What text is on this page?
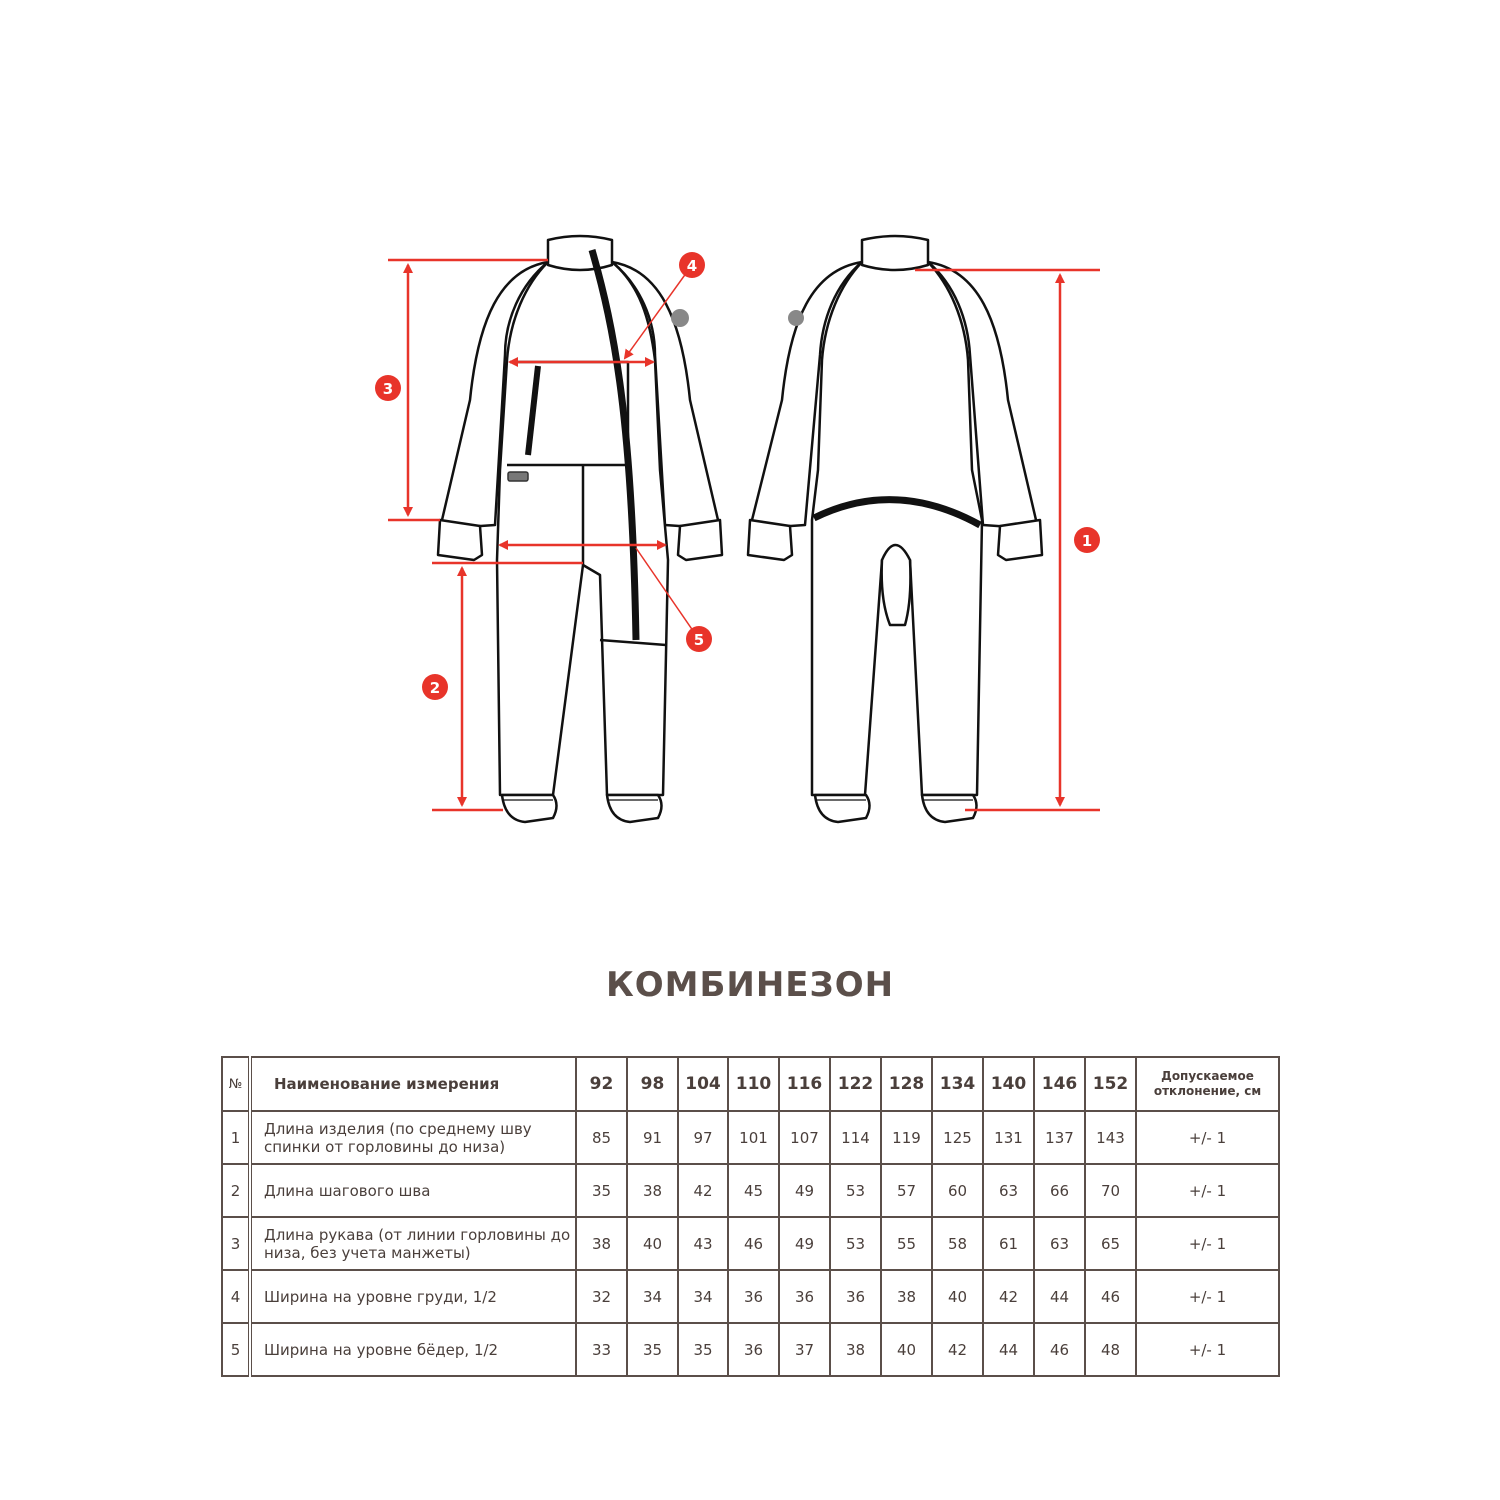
1
2
3
4
5
КОМБИНЕЗОН
№	Наименование измерения	92	98	104	110	116	122	128	134	140	146	152	Допускаемое
отклонение, см

1	Длина изделия (по среднему шву
спинки от горловины до низа)	85	91	97	101	107	114	119	125	131	137	143	+/- 1
2	Длина шагового шва	35	38	42	45	49	53	57	60	63	66	70	+/- 1
3	Длина рукава (от линии горловины до
низа, без учета манжеты)	38	40	43	46	49	53	55	58	61	63	65	+/- 1
4	Ширина на уровне груди, 1/2	32	34	34	36	36	36	38	40	42	44	46	+/- 1
5	Ширина на уровне бёдер, 1/2	33	35	35	36	37	38	40	42	44	46	48	+/- 1
